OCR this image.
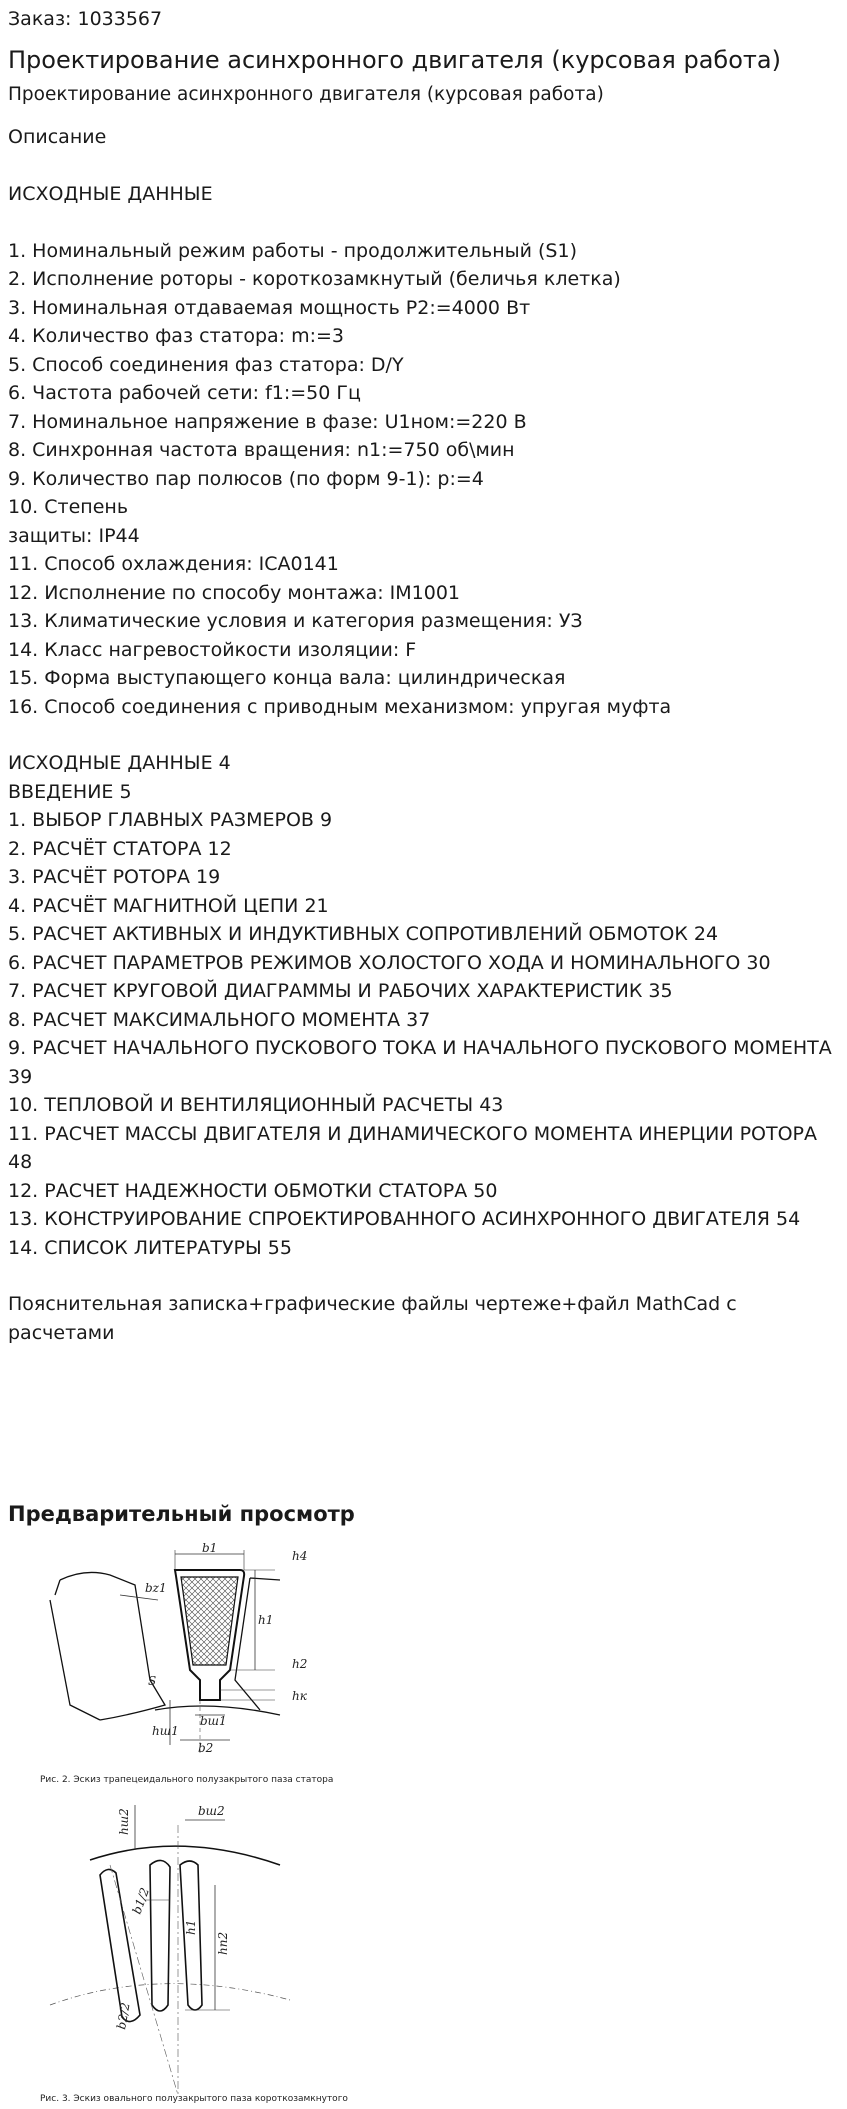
Заказ: 1033567

Проектирование асинхронного двигателя (курсовая работа)

Проектирование асинхронного двигателя (курсовая работа)

Описание

ИСХОДНЫЕ ДАННЫЕ

1. Номинальный режим работы - продолжительный (S1)

2. Исполнение роторы - короткозамкнутый (беличья клетка)

3. Номинальная отдаваемая мощность Р2:=4000 Вт

4. Количество фаз статора: m:=3

5. Способ соединения фаз статора: D/Y

6. Частота рабочей сети: f1:=50 Гц

7. Номинальное напряжение в фазе: U1ном:=220 В

8. Синхронная частота вращения: n1:=750 об\мин

9. Количество пар полюсов (по форм 9-1): p:=4

10. Степень

защиты: IP44

11. Способ охлаждения: ICA0141

12. Исполнение по способу монтажа: IM1001

13. Климатические условия и категория размещения: УЗ

14. Класс нагревостойкости изоляции: F

15. Форма выступающего конца вала: цилиндрическая

16. Способ соединения с приводным механизмом: упругая муфта

ИСХОДНЫЕ ДАННЫЕ 4

ВВЕДЕНИЕ 5

1. ВЫБОР ГЛАВНЫХ РАЗМЕРОВ 9

2. РАСЧЁТ СТАТОРА 12

3. РАСЧЁТ РОТОРА 19

4. РАСЧЁТ МАГНИТНОЙ ЦЕПИ 21

5. РАСЧЕТ АКТИВНЫХ И ИНДУКТИВНЫХ СОПРОТИВЛЕНИЙ ОБМОТОК 24

6. РАСЧЕТ ПАРАМЕТРОВ РЕЖИМОВ ХОЛОСТОГО ХОДА И НОМИНАЛЬНОГО 30

7. РАСЧЕТ КРУГОВОЙ ДИАГРАММЫ И РАБОЧИХ ХАРАКТЕРИСТИК 35

8. РАСЧЕТ МАКСИМАЛЬНОГО МОМЕНТА 37

9. РАСЧЕТ НАЧАЛЬНОГО ПУСКОВОГО ТОКА И НАЧАЛЬНОГО ПУСКОВОГО МОМЕНТА 39

10. ТЕПЛОВОЙ И ВЕНТИЛЯЦИОННЫЙ РАСЧЕТЫ 43

11. РАСЧЕТ МАССЫ ДВИГАТЕЛЯ И ДИНАМИЧЕСКОГО МОМЕНТА ИНЕРЦИИ РОТОРА 48

12. РАСЧЕТ НАДЕЖНОСТИ ОБМОТКИ СТАТОРА 50

13. КОНСТРУИРОВАНИЕ СПРОЕКТИРОВАННОГО АСИНХРОННОГО ДВИГАТЕЛЯ 54

14. СПИСОК ЛИТЕРАТУРЫ 55

Пояснительная записка+графические файлы чертеже+файл MathCad с расчетами

Предварительный просмотр
b1
h4
bz1
h1
h2
hк
S
hш1
bш1
b2
Рис. 2. Эскиз трапецеидального полузакрытого паза статора
bш2
hш2
b1/2
h1
hп2
b2/2
Рис. 3. Эскиз овального полузакрытого паза короткозамкнутого ротора
